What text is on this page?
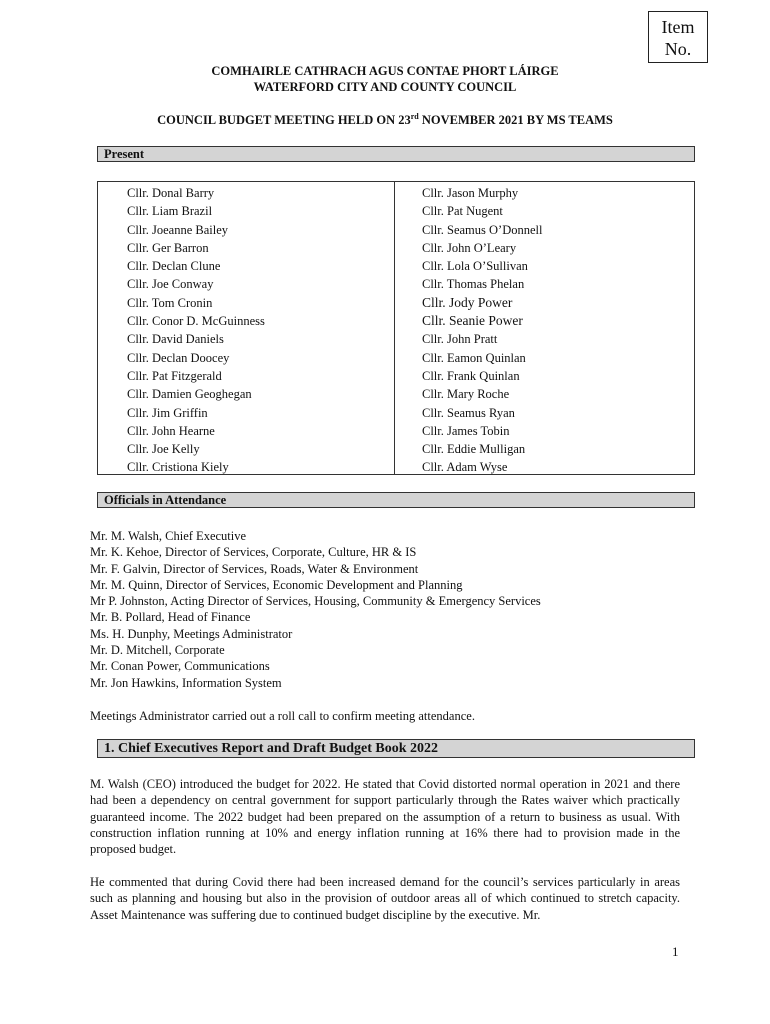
Item
No.
COMHAIRLE CATHRACH AGUS CONTAE PHORT LÁIRGE
WATERFORD CITY AND COUNTY COUNCIL
COUNCIL BUDGET MEETING HELD ON 23rd NOVEMBER 2021 BY MS TEAMS
Present
Cllr. Donal Barry
Cllr. Liam Brazil
Cllr. Joeanne Bailey
Cllr. Ger Barron
Cllr. Declan Clune
Cllr. Joe Conway
Cllr. Tom Cronin
Cllr. Conor D. McGuinness
Cllr. David Daniels
Cllr. Declan Doocey
Cllr. Pat Fitzgerald
Cllr. Damien Geoghegan
Cllr. Jim Griffin
Cllr. John Hearne
Cllr. Joe Kelly
Cllr. Cristiona Kiely
Cllr. Jason Murphy
Cllr. Pat Nugent
Cllr. Seamus O’Donnell
Cllr. John O’Leary
Cllr. Lola O’Sullivan
Cllr. Thomas Phelan
Cllr. Jody Power
Cllr. Seanie Power
Cllr. John Pratt
Cllr. Eamon Quinlan
Cllr. Frank Quinlan
Cllr. Mary Roche
Cllr. Seamus Ryan
Cllr. James Tobin
Cllr. Eddie Mulligan
Cllr. Adam Wyse
Officials in Attendance
Mr. M. Walsh, Chief Executive
Mr. K. Kehoe, Director of Services, Corporate, Culture, HR & IS
Mr. F. Galvin, Director of Services, Roads, Water & Environment
Mr. M. Quinn, Director of Services, Economic Development and Planning
Mr P. Johnston, Acting Director of Services, Housing, Community & Emergency Services
Mr. B. Pollard, Head of Finance
Ms. H. Dunphy, Meetings Administrator
Mr. D. Mitchell, Corporate
Mr. Conan Power, Communications
Mr. Jon Hawkins, Information System
Meetings Administrator carried out a roll call to confirm meeting attendance.
1. Chief Executives Report and Draft Budget Book 2022
M. Walsh (CEO) introduced the budget for 2022. He stated that Covid distorted normal operation in 2021 and there had been a dependency on central government for support particularly through the Rates waiver which practically guaranteed income. The 2022 budget had been prepared on the assumption of a return to business as usual. With construction inflation running at 10% and energy inflation running at 16% there had to provision made in the proposed budget.
He commented that during Covid there had been increased demand for the council’s services particularly in areas such as planning and housing but also in the provision of outdoor areas all of which continued to stretch capacity. Asset Maintenance was suffering due to continued budget discipline by the executive. Mr.
1
